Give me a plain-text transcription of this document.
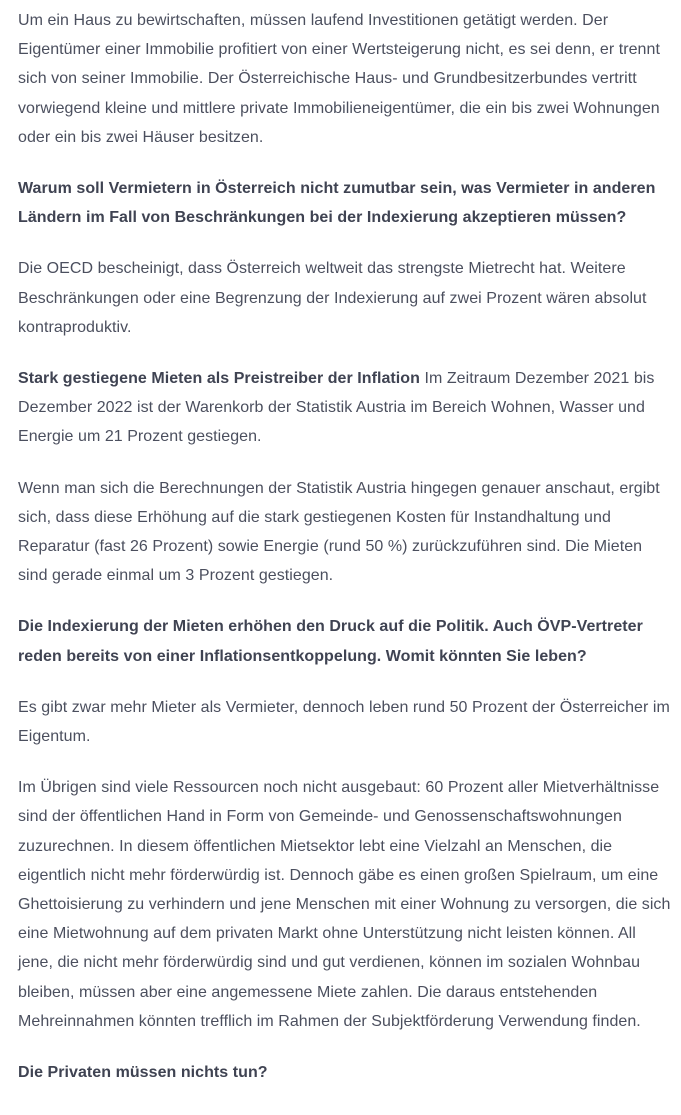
Um ein Haus zu bewirtschaften, müssen laufend Investitionen getätigt werden. Der Eigentümer einer Immobilie profitiert von einer Wertsteigerung nicht, es sei denn, er trennt sich von seiner Immobilie. Der Österreichische Haus- und Grundbesitzerbundes vertritt vorwiegend kleine und mittlere private Immobilieneigentümer, die ein bis zwei Wohnungen oder ein bis zwei Häuser besitzen.

Warum soll Vermietern in Österreich nicht zumutbar sein, was Vermieter in anderen Ländern im Fall von Beschränkungen bei der Indexierung akzeptieren müssen?

Die OECD bescheinigt, dass Österreich weltweit das strengste Mietrecht hat. Weitere Beschränkungen oder eine Begrenzung der Indexierung auf zwei Prozent wären absolut kontraproduktiv.

Stark gestiegene Mieten als Preistreiber der Inflation Im Zeitraum Dezember 2021 bis Dezember 2022 ist der Warenkorb der Statistik Austria im Bereich Wohnen, Wasser und Energie um 21 Prozent gestiegen.

Wenn man sich die Berechnungen der Statistik Austria hingegen genauer anschaut, ergibt sich, dass diese Erhöhung auf die stark gestiegenen Kosten für Instandhaltung und Reparatur (fast 26 Prozent) sowie Energie (rund 50 %) zurückzuführen sind. Die Mieten sind gerade einmal um 3 Prozent gestiegen.

Die Indexierung der Mieten erhöhen den Druck auf die Politik. Auch ÖVP-Vertreter reden bereits von einer Inflationsentkoppelung. Womit könnten Sie leben?

Es gibt zwar mehr Mieter als Vermieter, dennoch leben rund 50 Prozent der Österreicher im Eigentum.

Im Übrigen sind viele Ressourcen noch nicht ausgebaut: 60 Prozent aller Mietverhältnisse sind der öffentlichen Hand in Form von Gemeinde- und Genossenschaftswohnungen zuzurechnen. In diesem öffentlichen Mietsektor lebt eine Vielzahl an Menschen, die eigentlich nicht mehr förderwürdig ist. Dennoch gäbe es einen großen Spielraum, um eine Ghettoisierung zu verhindern und jene Menschen mit einer Wohnung zu versorgen, die sich eine Mietwohnung auf dem privaten Markt ohne Unterstützung nicht leisten können. All jene, die nicht mehr förderwürdig sind und gut verdienen, können im sozialen Wohnbau bleiben, müssen aber eine angemessene Miete zahlen. Die daraus entstehenden Mehreinnahmen könnten trefflich im Rahmen der Subjektförderung Verwendung finden.

Die Privaten müssen nichts tun?
